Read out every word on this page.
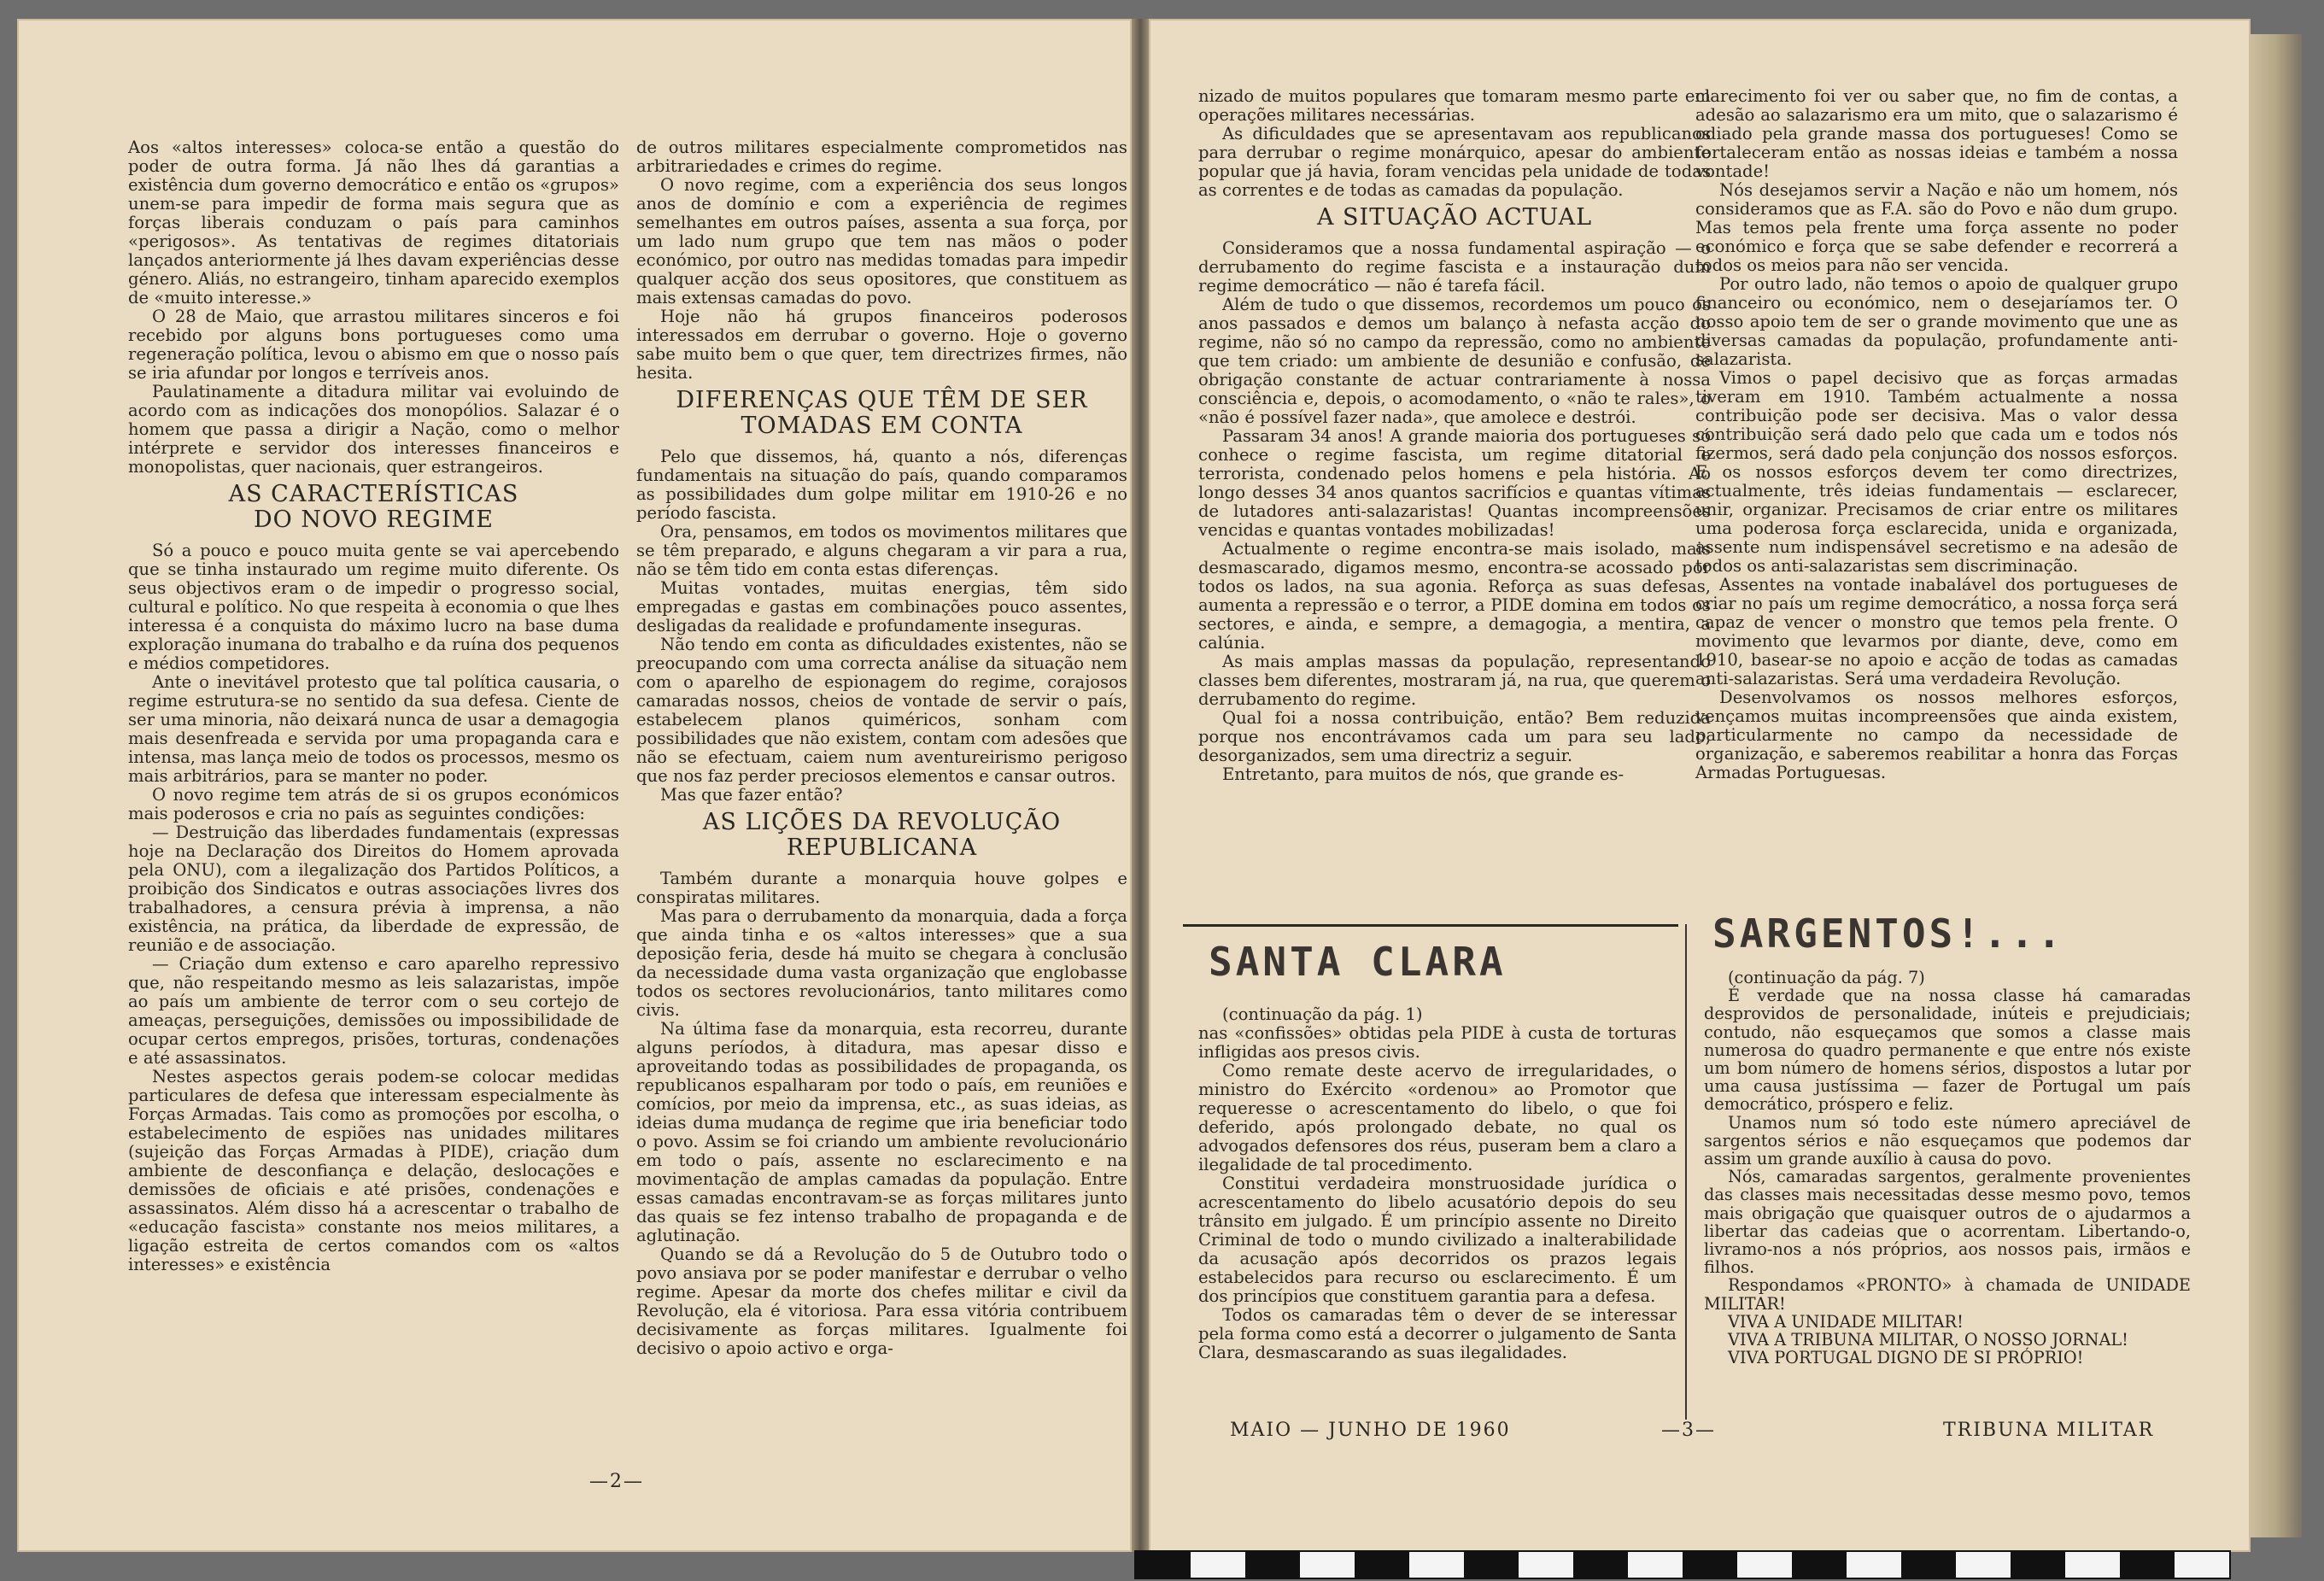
Aos «altos interesses» coloca-se então a questão do poder de outra forma. Já não lhes dá garantias a existência dum governo democrático e então os «grupos» unem-se para impedir de forma mais segura que as forças liberais conduzam o país para caminhos «perigosos». As tentativas de regimes ditatoriais lançados anteriormente já lhes davam experiências desse género. Aliás, no estrangeiro, tinham aparecido exemplos de «muito interesse.»

O 28 de Maio, que arrastou militares sinceros e foi recebido por alguns bons portugueses como uma regeneração política, levou o abismo em que o nosso país se iria afundar por longos e terríveis anos.

Paulatinamente a ditadura militar vai evoluindo de acordo com as indicações dos monopólios. Salazar é o homem que passa a dirigir a Nação, como o melhor intérprete e servidor dos interesses financeiros e monopolistas, quer nacionais, quer estrangeiros.

AS CARACTERÍSTICAS
DO NOVO REGIME

Só a pouco e pouco muita gente se vai apercebendo que se tinha instaurado um regime muito diferente. Os seus objectivos eram o de impedir o progresso social, cultural e político. No que respeita à economia o que lhes interessa é a conquista do máximo lucro na base duma exploração inumana do trabalho e da ruína dos pequenos e médios competidores.

Ante o inevitável protesto que tal política causaria, o regime estrutura-se no sentido da sua defesa. Ciente de ser uma minoria, não deixará nunca de usar a demagogia mais desenfreada e servida por uma propaganda cara e intensa, mas lança meio de todos os processos, mesmo os mais arbitrários, para se manter no poder.

O novo regime tem atrás de si os grupos económicos mais poderosos e cria no país as seguintes condições:

— Destruição das liberdades fundamentais (expressas hoje na Declaração dos Direitos do Homem aprovada pela ONU), com a ilegalização dos Partidos Políticos, a proibição dos Sindicatos e outras associações livres dos trabalhadores, a censura prévia à imprensa, a não existência, na prática, da liberdade de expressão, de reunião e de associação.

— Criação dum extenso e caro aparelho repressivo que, não respeitando mesmo as leis salazaristas, impõe ao país um ambiente de terror com o seu cortejo de ameaças, perseguições, demissões ou impossibilidade de ocupar certos empregos, prisões, torturas, condenações e até assassinatos.

Nestes aspectos gerais podem-se colocar medidas particulares de defesa que interessam especialmente às Forças Armadas. Tais como as promoções por escolha, o estabelecimento de espiões nas unidades militares (sujeição das Forças Armadas à PIDE), criação dum ambiente de desconfiança e delação, deslocações e demissões de oficiais e até prisões, condenações e assassinatos. Além disso há a acrescentar o trabalho de «educação fascista» constante nos meios militares, a ligação estreita de certos comandos com os «altos interesses» e existência

de outros militares especialmente comprometidos nas arbitrariedades e crimes do regime.

O novo regime, com a experiência dos seus longos anos de domínio e com a experiência de regimes semelhantes em outros países, assenta a sua força, por um lado num grupo que tem nas mãos o poder económico, por outro nas medidas tomadas para impedir qualquer acção dos seus opositores, que constituem as mais extensas camadas do povo.

Hoje não há grupos financeiros poderosos interessados em derrubar o governo. Hoje o governo sabe muito bem o que quer, tem directrizes firmes, não hesita.

DIFERENÇAS QUE TÊM DE SER
TOMADAS EM CONTA

Pelo que dissemos, há, quanto a nós, diferenças fundamentais na situação do país, quando comparamos as possibilidades dum golpe militar em 1910-26 e no período fascista.

Ora, pensamos, em todos os movimentos militares que se têm preparado, e alguns chegaram a vir para a rua, não se têm tido em conta estas diferenças.

Muitas vontades, muitas energias, têm sido empregadas e gastas em combinações pouco assentes, desligadas da realidade e profundamente inseguras.

Não tendo em conta as dificuldades existentes, não se preocupando com uma correcta análise da situação nem com o aparelho de espionagem do regime, corajosos camaradas nossos, cheios de vontade de servir o país, estabelecem planos quiméricos, sonham com possibilidades que não existem, contam com adesões que não se efectuam, caiem num aventureirismo perigoso que nos faz perder preciosos elementos e cansar outros.

Mas que fazer então?

AS LIÇÕES DA REVOLUÇÃO
REPUBLICANA

Também durante a monarquia houve golpes e conspiratas militares.

Mas para o derrubamento da monarquia, dada a força que ainda tinha e os «altos interesses» que a sua deposição feria, desde há muito se chegara à conclusão da necessidade duma vasta organização que englobasse todos os sectores revolucionários, tanto militares como civis.

Na última fase da monarquia, esta recorreu, durante alguns períodos, à ditadura, mas apesar disso e aproveitando todas as possibilidades de propaganda, os republicanos espalharam por todo o país, em reuniões e comícios, por meio da imprensa, etc., as suas ideias, as ideias duma mudança de regime que iria beneficiar todo o povo. Assim se foi criando um ambiente revolucionário em todo o país, assente no esclarecimento e na movimentação de amplas camadas da população. Entre essas camadas encontravam-se as forças militares junto das quais se fez intenso trabalho de propaganda e de aglutinação.

Quando se dá a Revolução do 5 de Outubro todo o povo ansiava por se poder manifestar e derrubar o velho regime. Apesar da morte dos chefes militar e civil da Revolução, ela é vitoriosa. Para essa vitória contribuem decisivamente as forças militares. Igualmente foi decisivo o apoio activo e orga-

—2—

nizado de muitos populares que tomaram mesmo parte em operações militares necessárias.

As dificuldades que se apresentavam aos republicanos para derrubar o regime monárquico, apesar do ambiente popular que já havia, foram vencidas pela unidade de todas as correntes e de todas as camadas da população.

A SITUAÇÃO ACTUAL

Consideramos que a nossa fundamental aspiração — o derrubamento do regime fascista e a instauração dum regime democrático — não é tarefa fácil.

Além de tudo o que dissemos, recordemos um pouco os anos passados e demos um balanço à nefasta acção do regime, não só no campo da repressão, como no ambiente que tem criado: um ambiente de desunião e confusão, de obrigação constante de actuar contrariamente à nossa consciência e, depois, o acomodamento, o «não te rales», o «não é possível fazer nada», que amolece e destrói.

Passaram 34 anos! A grande maioria dos portugueses só conhece o regime fascista, um regime ditatorial e terrorista, condenado pelos homens e pela história. Ao longo desses 34 anos quantos sacrifícios e quantas vítimas de lutadores anti-salazaristas! Quantas incompreensões vencidas e quantas vontades mobilizadas!

Actualmente o regime encontra-se mais isolado, mais desmascarado, digamos mesmo, encontra-se acossado por todos os lados, na sua agonia. Reforça as suas defesas, aumenta a repressão e o terror, a PIDE domina em todos os sectores, e ainda, e sempre, a demagogia, a mentira, a calúnia.

As mais amplas massas da população, representando classes bem diferentes, mostraram já, na rua, que querem o derrubamento do regime.

Qual foi a nossa contribuição, então? Bem reduzida porque nos encontrávamos cada um para seu lado, desorganizados, sem uma directriz a seguir.

Entretanto, para muitos de nós, que grande es-

clarecimento foi ver ou saber que, no fim de contas, a adesão ao salazarismo era um mito, que o salazarismo é odiado pela grande massa dos portugueses! Como se fortaleceram então as nossas ideias e também a nossa vontade!

Nós desejamos servir a Nação e não um homem, nós consideramos que as F.A. são do Povo e não dum grupo. Mas temos pela frente uma força assente no poder económico e força que se sabe defender e recorrerá a todos os meios para não ser vencida.

Por outro lado, não temos o apoio de qualquer grupo financeiro ou económico, nem o desejaríamos ter. O nosso apoio tem de ser o grande movimento que une as diversas camadas da população, profundamente anti-salazarista.

Vimos o papel decisivo que as forças armadas tiveram em 1910. Também actualmente a nossa contribuição pode ser decisiva. Mas o valor dessa contribuição será dado pelo que cada um e todos nós fizermos, será dado pela conjunção dos nossos esforços. E os nossos esforços devem ter como directrizes, actualmente, três ideias fundamentais — esclarecer, unir, organizar. Precisamos de criar entre os militares uma poderosa força esclarecida, unida e organizada, assente num indispensável secretismo e na adesão de todos os anti-salazaristas sem discriminação.

Assentes na vontade inabalável dos portugueses de criar no país um regime democrático, a nossa força será capaz de vencer o monstro que temos pela frente. O movimento que levarmos por diante, deve, como em 1910, basear-se no apoio e acção de todas as camadas anti-salazaristas. Será uma verdadeira Revolução.

Desenvolvamos os nossos melhores esforços, vençamos muitas incompreensões que ainda existem, particularmente no campo da necessidade de organização, e saberemos reabilitar a honra das Forças Armadas Portuguesas.

SANTA CLARA

(continuação da pág. 1)

nas «confissões» obtidas pela PIDE à custa de torturas infligidas aos presos civis.

Como remate deste acervo de irregularidades, o ministro do Exército «ordenou» ao Promotor que requeresse o acrescentamento do libelo, o que foi deferido, após prolongado debate, no qual os advogados defensores dos réus, puseram bem a claro a ilegalidade de tal procedimento.

Constitui verdadeira monstruosidade jurídica o acrescentamento do libelo acusatório depois do seu trânsito em julgado. É um princípio assente no Direito Criminal de todo o mundo civilizado a inalterabilidade da acusação após decorridos os prazos legais estabelecidos para recurso ou esclarecimento. É um dos princípios que constituem garantia para a defesa.

Todos os camaradas têm o dever de se interessar pela forma como está a decorrer o julgamento de Santa Clara, desmascarando as suas ilegalidades.

SARGENTOS!...

(continuação da pág. 7)

É verdade que na nossa classe há camaradas desprovidos de personalidade, inúteis e prejudiciais; contudo, não esqueçamos que somos a classe mais numerosa do quadro permanente e que entre nós existe um bom número de homens sérios, dispostos a lutar por uma causa justíssima — fazer de Portugal um país democrático, próspero e feliz.

Unamos num só todo este número apreciável de sargentos sérios e não esqueçamos que podemos dar assim um grande auxílio à causa do povo.

Nós, camaradas sargentos, geralmente provenientes das classes mais necessitadas desse mesmo povo, temos mais obrigação que quaisquer outros de o ajudarmos a libertar das cadeias que o acorrentam. Libertando-o, livramo-nos a nós próprios, aos nossos pais, irmãos e filhos.

Respondamos «PRONTO» à chamada de UNIDADE MILITAR!

VIVA A UNIDADE MILITAR!

VIVA A TRIBUNA MILITAR, O NOSSO JORNAL!

VIVA PORTUGAL DIGNO DE SI PRÓPRIO!

MAIO — JUNHO DE 1960	—3—	TRIBUNA MILITAR
